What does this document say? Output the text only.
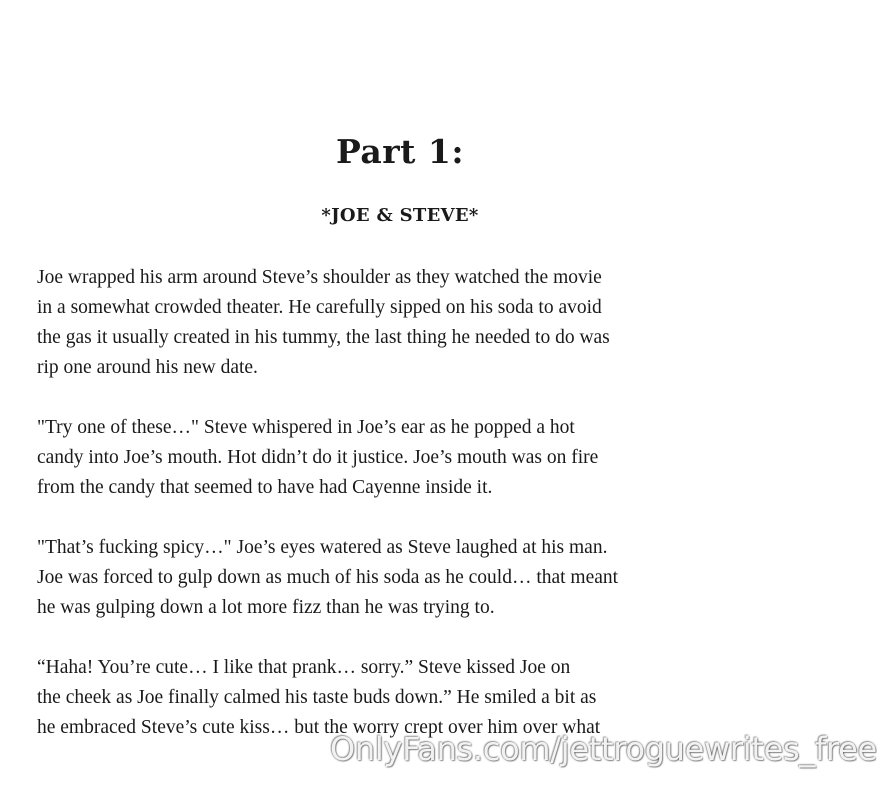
Part 1:
*JOE & STEVE*

Joe wrapped his arm around Steve’s shoulder as they watched the movie
in a somewhat crowded theater. He carefully sipped on his soda to avoid
the gas it usually created in his tummy, the last thing he needed to do was
rip one around his new date.

"Try one of these…" Steve whispered in Joe’s ear as he popped a hot
candy into Joe’s mouth. Hot didn’t do it justice. Joe’s mouth was on fire
from the candy that seemed to have had Cayenne inside it.

"That’s fucking spicy…" Joe’s eyes watered as Steve laughed at his man.
Joe was forced to gulp down as much of his soda as he could… that meant
he was gulping down a lot more fizz than he was trying to.

“Haha! You’re cute… I like that prank… sorry.” Steve kissed Joe on
the cheek as Joe finally calmed his taste buds down.” He smiled a bit as
he embraced Steve’s cute kiss… but the worry crept over him over what

OnlyFans.com/jettroguewrites_free
